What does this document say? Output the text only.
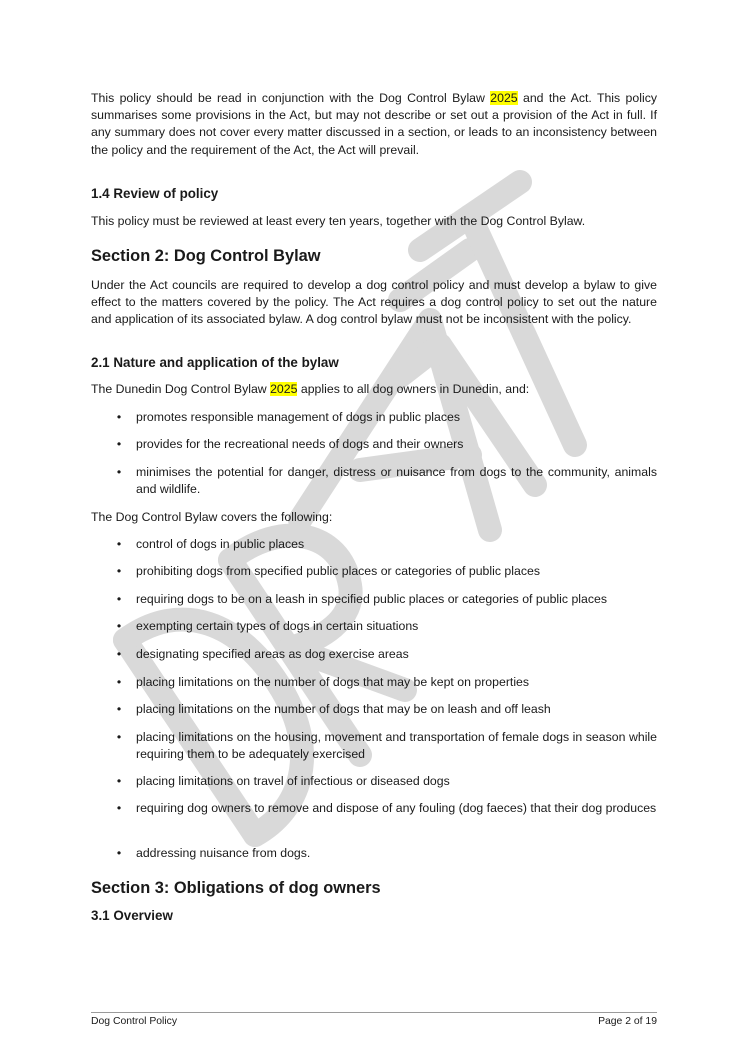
This policy should be read in conjunction with the Dog Control Bylaw 2025 and the Act. This policy summarises some provisions in the Act, but may not describe or set out a provision of the Act in full. If any summary does not cover every matter discussed in a section, or leads to an inconsistency between the policy and the requirement of the Act, the Act will prevail.

1.4 Review of policy

This policy must be reviewed at least every ten years, together with the Dog Control Bylaw.

Section 2: Dog Control Bylaw

Under the Act councils are required to develop a dog control policy and must develop a bylaw to give effect to the matters covered by the policy. The Act requires a dog control policy to set out the nature and application of its associated bylaw. A dog control bylaw must not be inconsistent with the policy.

2.1 Nature and application of the bylaw

The Dunedin Dog Control Bylaw 2025 applies to all dog owners in Dunedin, and:

• promotes responsible management of dogs in public places
• provides for the recreational needs of dogs and their owners
• minimises the potential for danger, distress or nuisance from dogs to the community, animals and wildlife.

The Dog Control Bylaw covers the following:

• control of dogs in public places
• prohibiting dogs from specified public places or categories of public places
• requiring dogs to be on a leash in specified public places or categories of public places
• exempting certain types of dogs in certain situations
• designating specified areas as dog exercise areas
• placing limitations on the number of dogs that may be kept on properties
• placing limitations on the number of dogs that may be on leash and off leash
• placing limitations on the housing, movement and transportation of female dogs in season while requiring them to be adequately exercised
• placing limitations on travel of infectious or diseased dogs
• requiring dog owners to remove and dispose of any fouling (dog faeces) that their dog produces
• addressing nuisance from dogs.
Section 3: Obligations of dog owners
3.1 Overview
Dog Control Policy	Page 2 of 19
